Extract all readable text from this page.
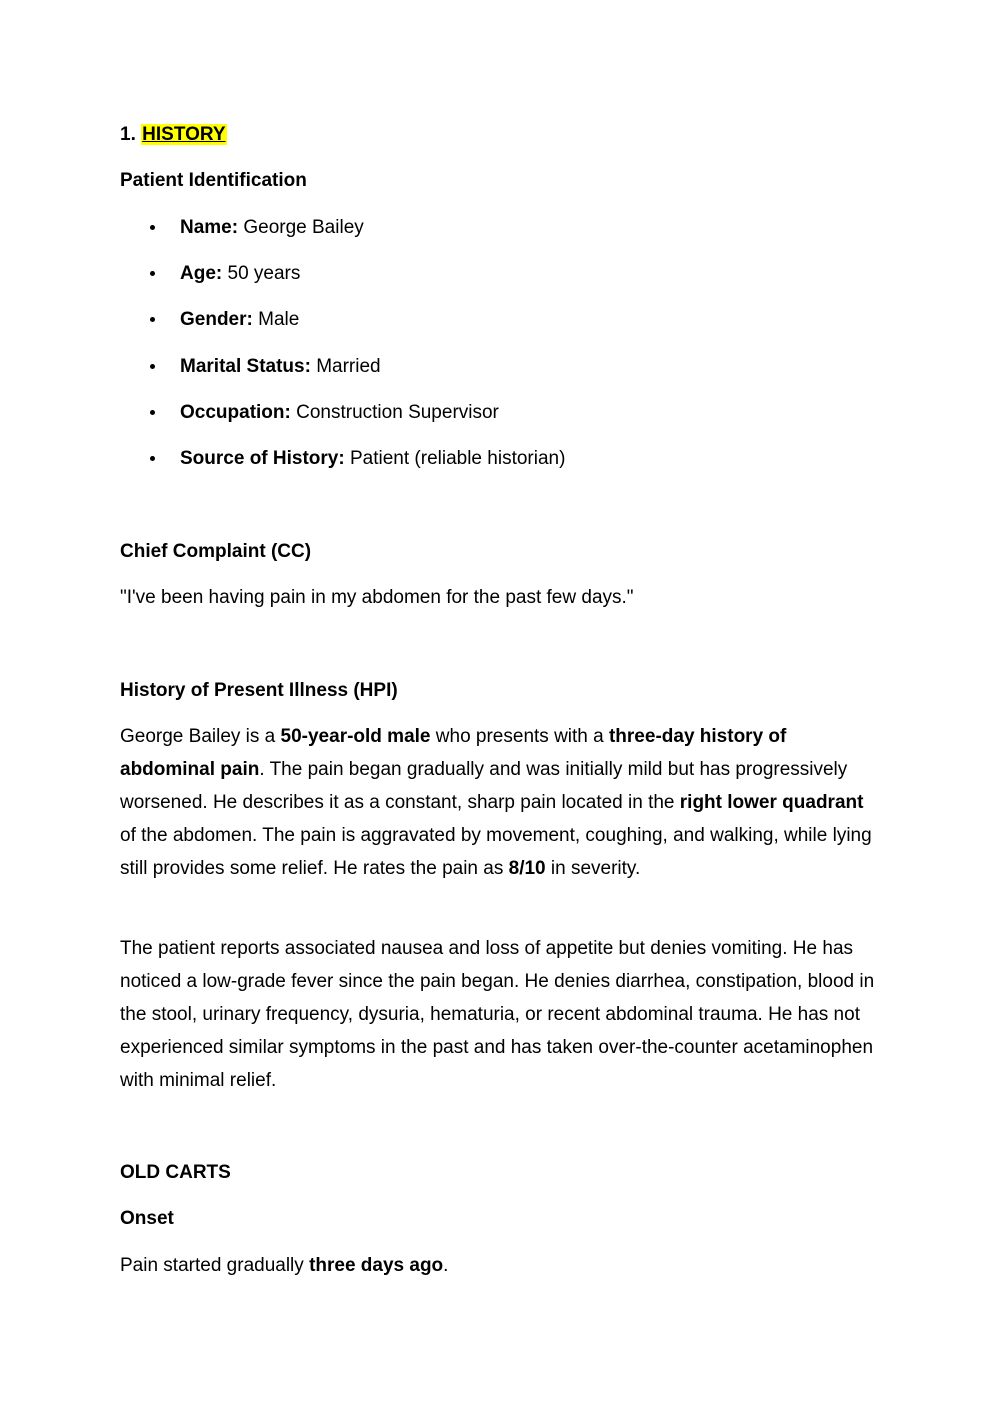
1. HISTORY
Patient Identification
Name: George Bailey
Age: 50 years
Gender: Male
Marital Status: Married
Occupation: Construction Supervisor
Source of History: Patient (reliable historian)
Chief Complaint (CC)
"I've been having pain in my abdomen for the past few days."
History of Present Illness (HPI)
George Bailey is a 50-year-old male who presents with a three-day history of abdominal pain. The pain began gradually and was initially mild but has progressively worsened. He describes it as a constant, sharp pain located in the right lower quadrant of the abdomen. The pain is aggravated by movement, coughing, and walking, while lying still provides some relief. He rates the pain as 8/10 in severity.
The patient reports associated nausea and loss of appetite but denies vomiting. He has noticed a low-grade fever since the pain began. He denies diarrhea, constipation, blood in the stool, urinary frequency, dysuria, hematuria, or recent abdominal trauma. He has not experienced similar symptoms in the past and has taken over-the-counter acetaminophen with minimal relief.
OLD CARTS
Onset
Pain started gradually three days ago.
